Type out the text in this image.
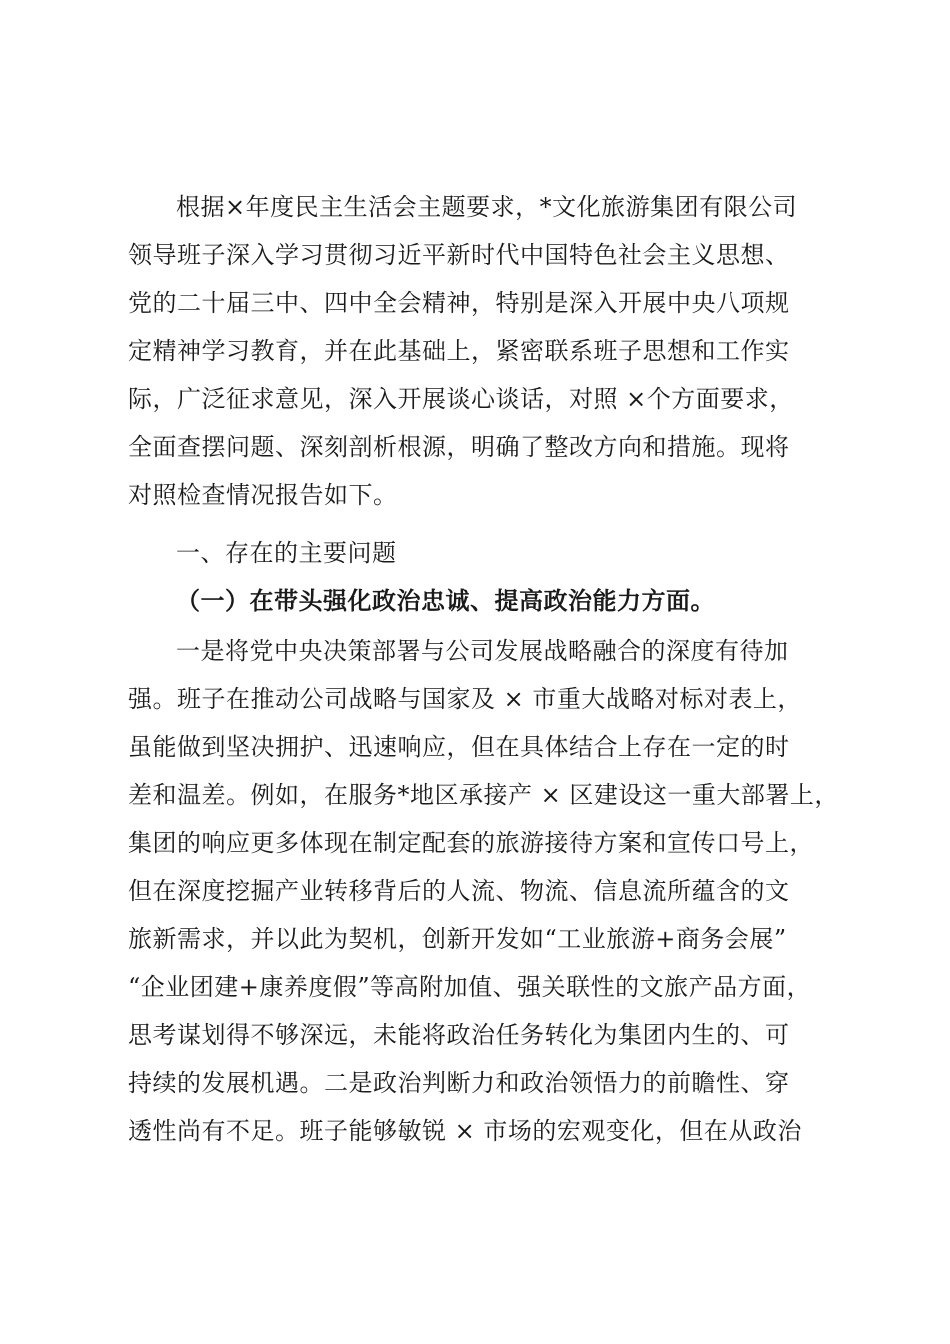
根据×年度民主生活会主题要求，*文化旅游集团有限公司
领导班子深入学习贯彻习近平新时代中国特色社会主义思想、
党的二十届三中、四中全会精神，特别是深入开展中央八项规
定精神学习教育，并在此基础上，紧密联系班子思想和工作实
际，广泛征求意见，深入开展谈心谈话，对照 ×个方面要求，
全面查摆问题、深刻剖析根源，明确了整改方向和措施。现将
对照检查情况报告如下。
一、存在的主要问题
（一）在带头强化政治忠诚、提高政治能力方面。
一是将党中央决策部署与公司发展战略融合的深度有待加
强。班子在推动公司战略与国家及 × 市重大战略对标对表上，
虽能做到坚决拥护、迅速响应，但在具体结合上存在一定的时
差和温差。例如，在服务*地区承接产 × 区建设这一重大部署上，
集团的响应更多体现在制定配套的旅游接待方案和宣传口号上，
但在深度挖掘产业转移背后的人流、物流、信息流所蕴含的文
旅新需求，并以此为契机，创新开发如“工业旅游+商务会展”
“企业团建+康养度假”等高附加值、强关联性的文旅产品方面，
思考谋划得不够深远，未能将政治任务转化为集团内生的、可
持续的发展机遇。二是政治判断力和政治领悟力的前瞻性、穿
透性尚有不足。班子能够敏锐 × 市场的宏观变化，但在从政治
